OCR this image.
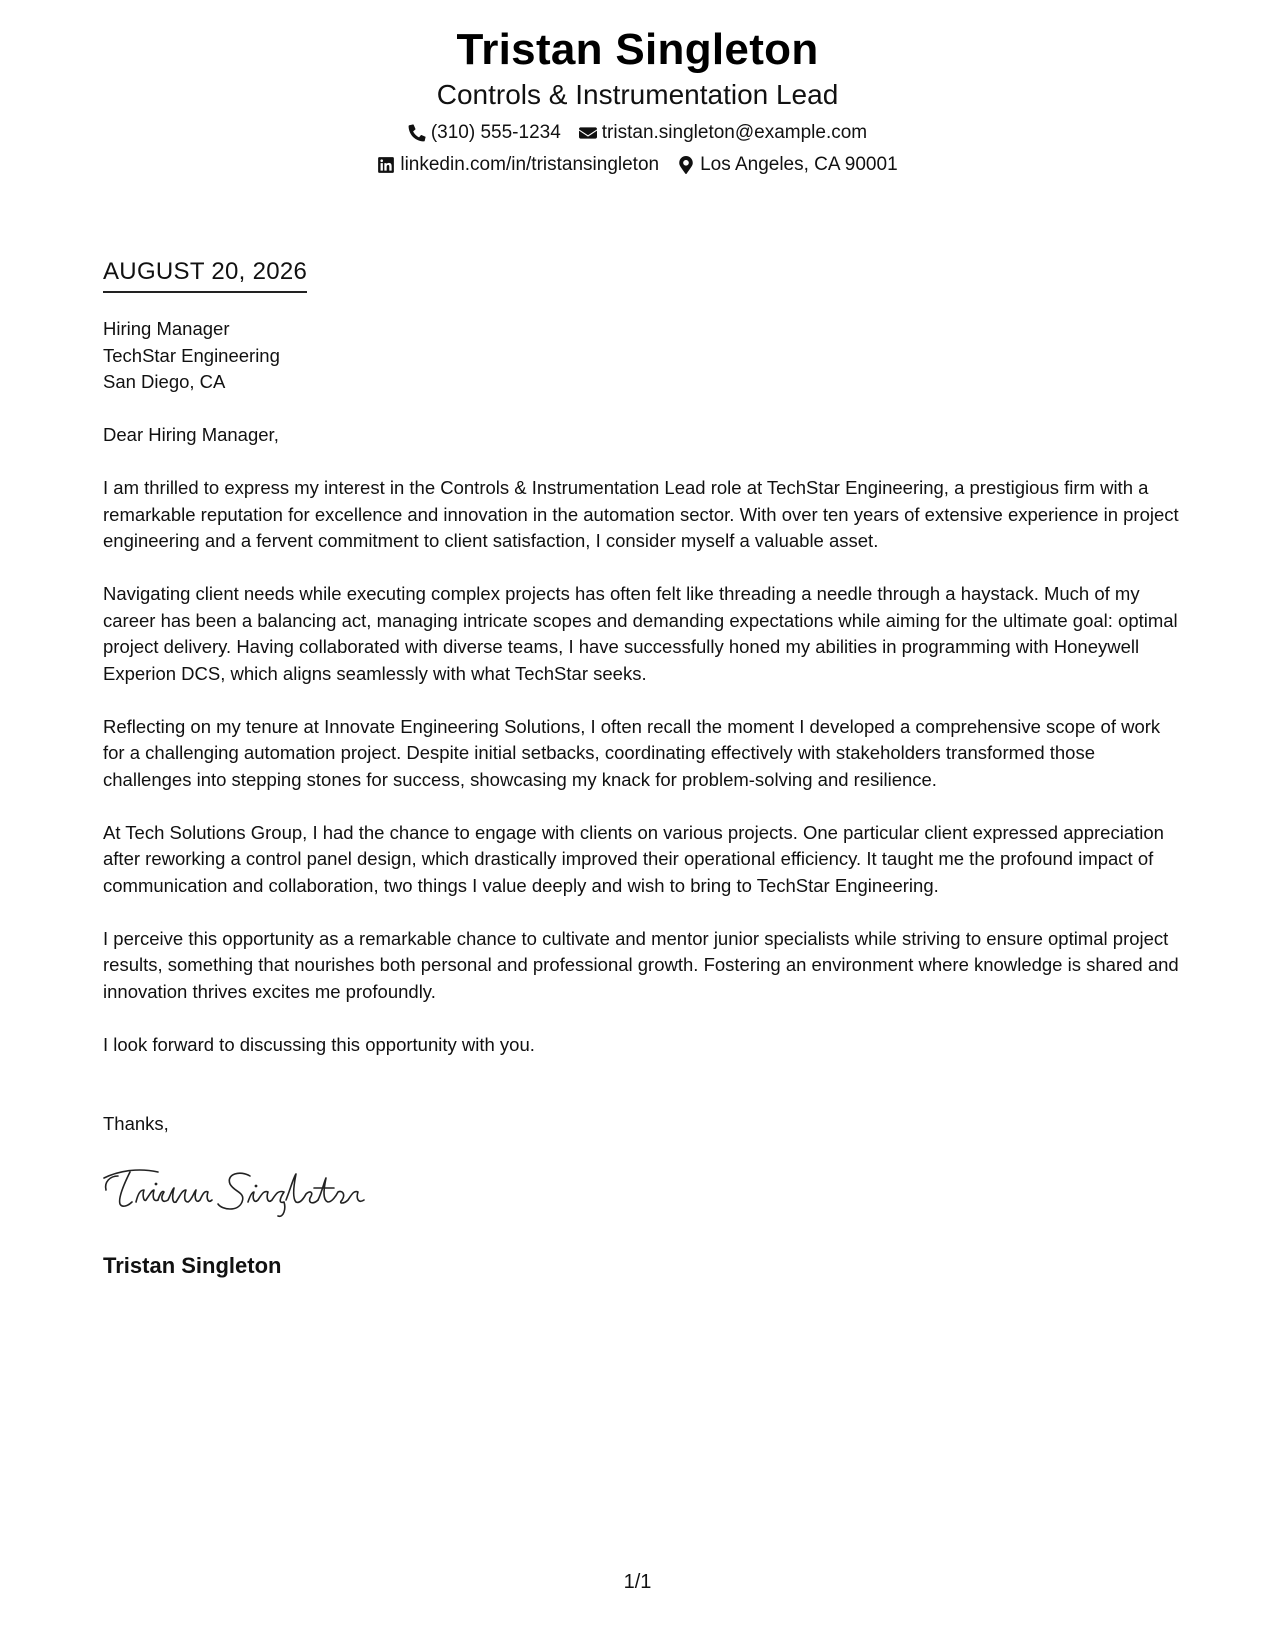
Tristan Singleton
Controls & Instrumentation Lead
(310) 555-1234 tristan.singleton@example.com
linkedin.com/in/tristansingleton Los Angeles, CA 90001
AUGUST 20, 2026
Hiring Manager
TechStar Engineering
San Diego, CA

Dear Hiring Manager,

I am thrilled to express my interest in the Controls & Instrumentation Lead role at TechStar Engineering, a prestigious firm with a remarkable reputation for excellence and innovation in the automation sector. With over ten years of extensive experience in project engineering and a fervent commitment to client satisfaction, I consider myself a valuable asset.

Navigating client needs while executing complex projects has often felt like threading a needle through a haystack. Much of my career has been a balancing act, managing intricate scopes and demanding expectations while aiming for the ultimate goal: optimal project delivery. Having collaborated with diverse teams, I have successfully honed my abilities in programming with Honeywell Experion DCS, which aligns seamlessly with what TechStar seeks.

Reflecting on my tenure at Innovate Engineering Solutions, I often recall the moment I developed a comprehensive scope of work for a challenging automation project. Despite initial setbacks, coordinating effectively with stakeholders transformed those challenges into stepping stones for success, showcasing my knack for problem-solving and resilience.

At Tech Solutions Group, I had the chance to engage with clients on various projects. One particular client expressed appreciation after reworking a control panel design, which drastically improved their operational efficiency. It taught me the profound impact of communication and collaboration, two things I value deeply and wish to bring to TechStar Engineering.

I perceive this opportunity as a remarkable chance to cultivate and mentor junior specialists while striving to ensure optimal project results, something that nourishes both personal and professional growth. Fostering an environment where knowledge is shared and innovation thrives excites me profoundly.

I look forward to discussing this opportunity with you.

Thanks,
Tristan Singleton
1/1
